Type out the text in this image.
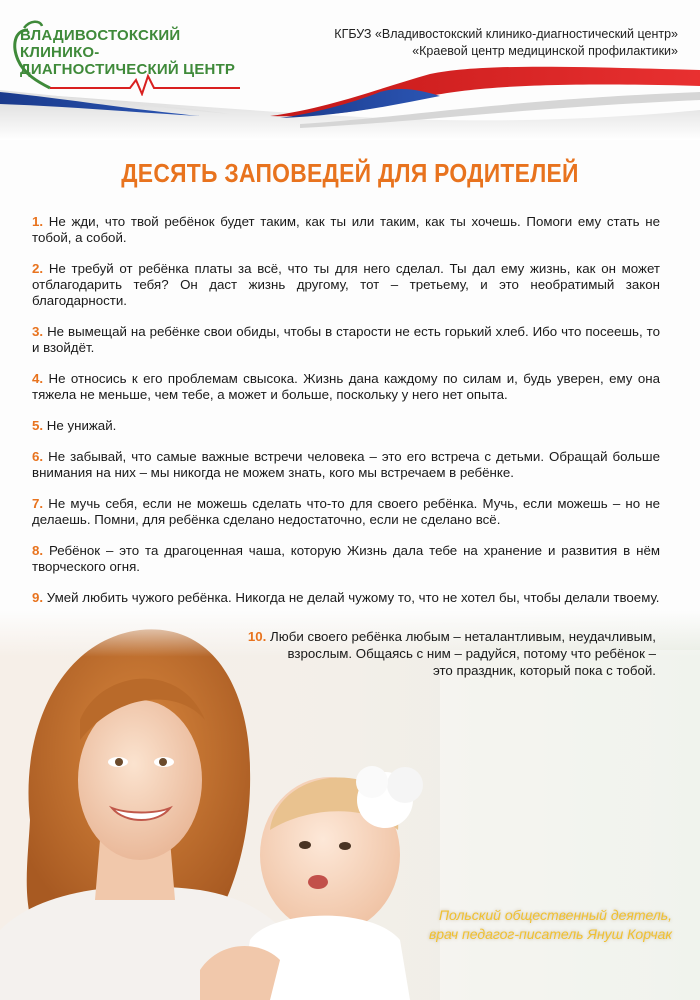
ВЛАДИВОСТОКСКИЙ КЛИНИКО-ДИАГНОСТИЧЕСКИЙ ЦЕНТР
КГБУЗ «Владивостокский клинико-диагностический центр»
«Краевой центр медицинской профилактики»
ДЕСЯТЬ ЗАПОВЕДЕЙ ДЛЯ РОДИТЕЛЕЙ
1. Не жди, что твой ребёнок будет таким, как ты или таким, как ты хочешь. Помоги ему стать не тобой, а собой.
2. Не требуй от ребёнка платы за всё, что ты для него сделал. Ты дал ему жизнь, как он может отблагодарить тебя? Он даст жизнь другому, тот – третьему, и это необратимый закон благодарности.
3. Не вымещай на ребёнке свои обиды, чтобы в старости не есть горький хлеб. Ибо что посеешь, то и взойдёт.
4. Не относись к его проблемам свысока. Жизнь дана каждому по силам и, будь уверен, ему она тяжела не меньше, чем тебе, а может и больше, поскольку у него нет опыта.
5. Не унижай.
6. Не забывай, что самые важные встречи человека – это его встреча с детьми. Обращай больше внимания на них – мы никогда не можем знать, кого мы встречаем в ребёнке.
7. Не мучь себя, если не можешь сделать что-то для своего ребёнка. Мучь, если можешь – но не делаешь. Помни, для ребёнка сделано недостаточно, если не сделано всё.
8. Ребёнок – это та драгоценная чаша, которую Жизнь дала тебе на хранение и развития в нём творческого огня.
9. Умей любить чужого ребёнка. Никогда не делай чужому то, что не хотел бы, чтобы делали твоему.
10. Люби своего ребёнка любым – неталантливым, неудачливым,
взрослым. Общаясь с ним – радуйся, потому что ребёнок –
это праздник, который пока с тобой.
Польский общественный деятель,
врач педагог-писатель Януш Корчак
